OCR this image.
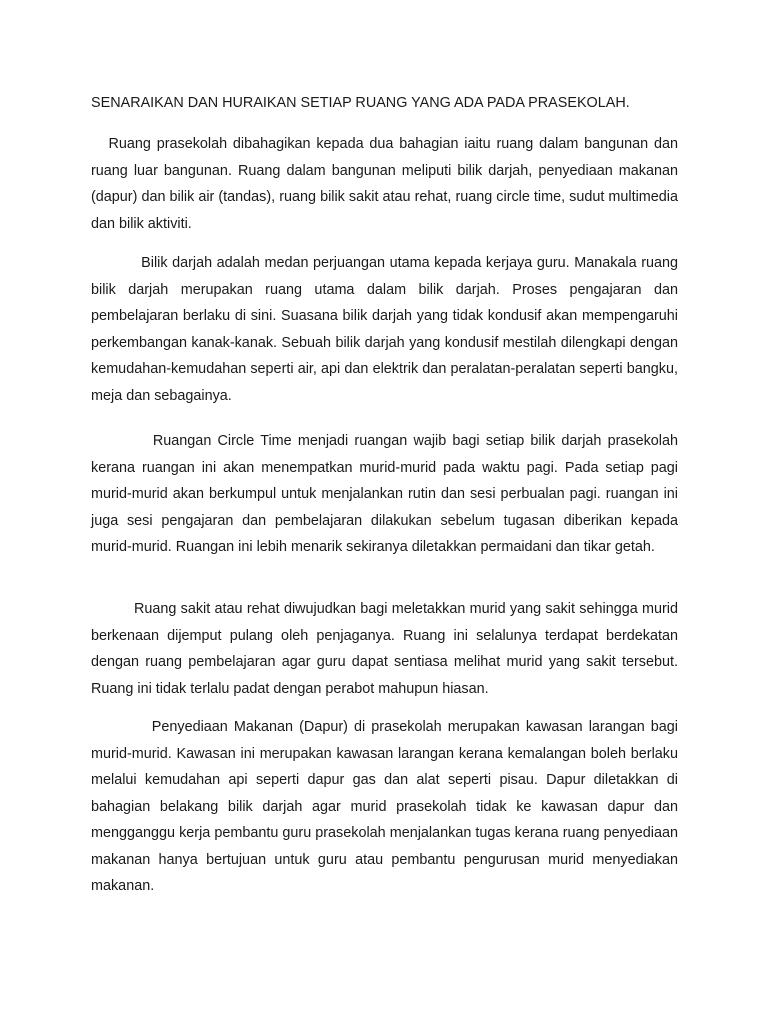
SENARAIKAN DAN HURAIKAN SETIAP RUANG YANG ADA PADA PRASEKOLAH.

Ruang prasekolah dibahagikan kepada dua bahagian iaitu ruang dalam bangunan dan ruang luar bangunan. Ruang dalam bangunan meliputi bilik darjah, penyediaan makanan (dapur) dan bilik air (tandas), ruang bilik sakit atau rehat, ruang circle time, sudut multimedia dan bilik aktiviti.

Bilik darjah adalah medan perjuangan utama kepada kerjaya guru. Manakala ruang bilik darjah merupakan ruang utama dalam bilik darjah. Proses pengajaran dan pembelajaran berlaku di sini. Suasana bilik darjah yang tidak kondusif akan mempengaruhi perkembangan kanak-kanak. Sebuah bilik darjah yang kondusif mestilah dilengkapi dengan kemudahan-kemudahan seperti air, api dan elektrik dan peralatan-peralatan seperti bangku, meja dan sebagainya.

Ruangan Circle Time menjadi ruangan wajib bagi setiap bilik darjah prasekolah kerana ruangan ini akan menempatkan murid-murid pada waktu pagi. Pada setiap pagi murid-murid akan berkumpul untuk menjalankan rutin dan sesi perbualan pagi. ruangan ini juga sesi pengajaran dan pembelajaran dilakukan sebelum tugasan diberikan kepada murid-murid. Ruangan ini lebih menarik sekiranya diletakkan permaidani dan tikar getah.

Ruang sakit atau rehat diwujudkan bagi meletakkan murid yang sakit sehingga murid berkenaan dijemput pulang oleh penjaganya. Ruang ini selalunya terdapat berdekatan dengan ruang pembelajaran agar guru dapat sentiasa melihat murid yang sakit tersebut. Ruang ini tidak terlalu padat dengan perabot mahupun hiasan.

Penyediaan Makanan (Dapur) di prasekolah merupakan kawasan larangan bagi murid-murid. Kawasan ini merupakan kawasan larangan kerana kemalangan boleh berlaku melalui kemudahan api seperti dapur gas dan alat seperti pisau. Dapur diletakkan di bahagian belakang bilik darjah agar murid prasekolah tidak ke kawasan dapur dan mengganggu kerja pembantu guru prasekolah menjalankan tugas kerana ruang penyediaan makanan hanya bertujuan untuk guru atau pembantu pengurusan murid menyediakan makanan.
